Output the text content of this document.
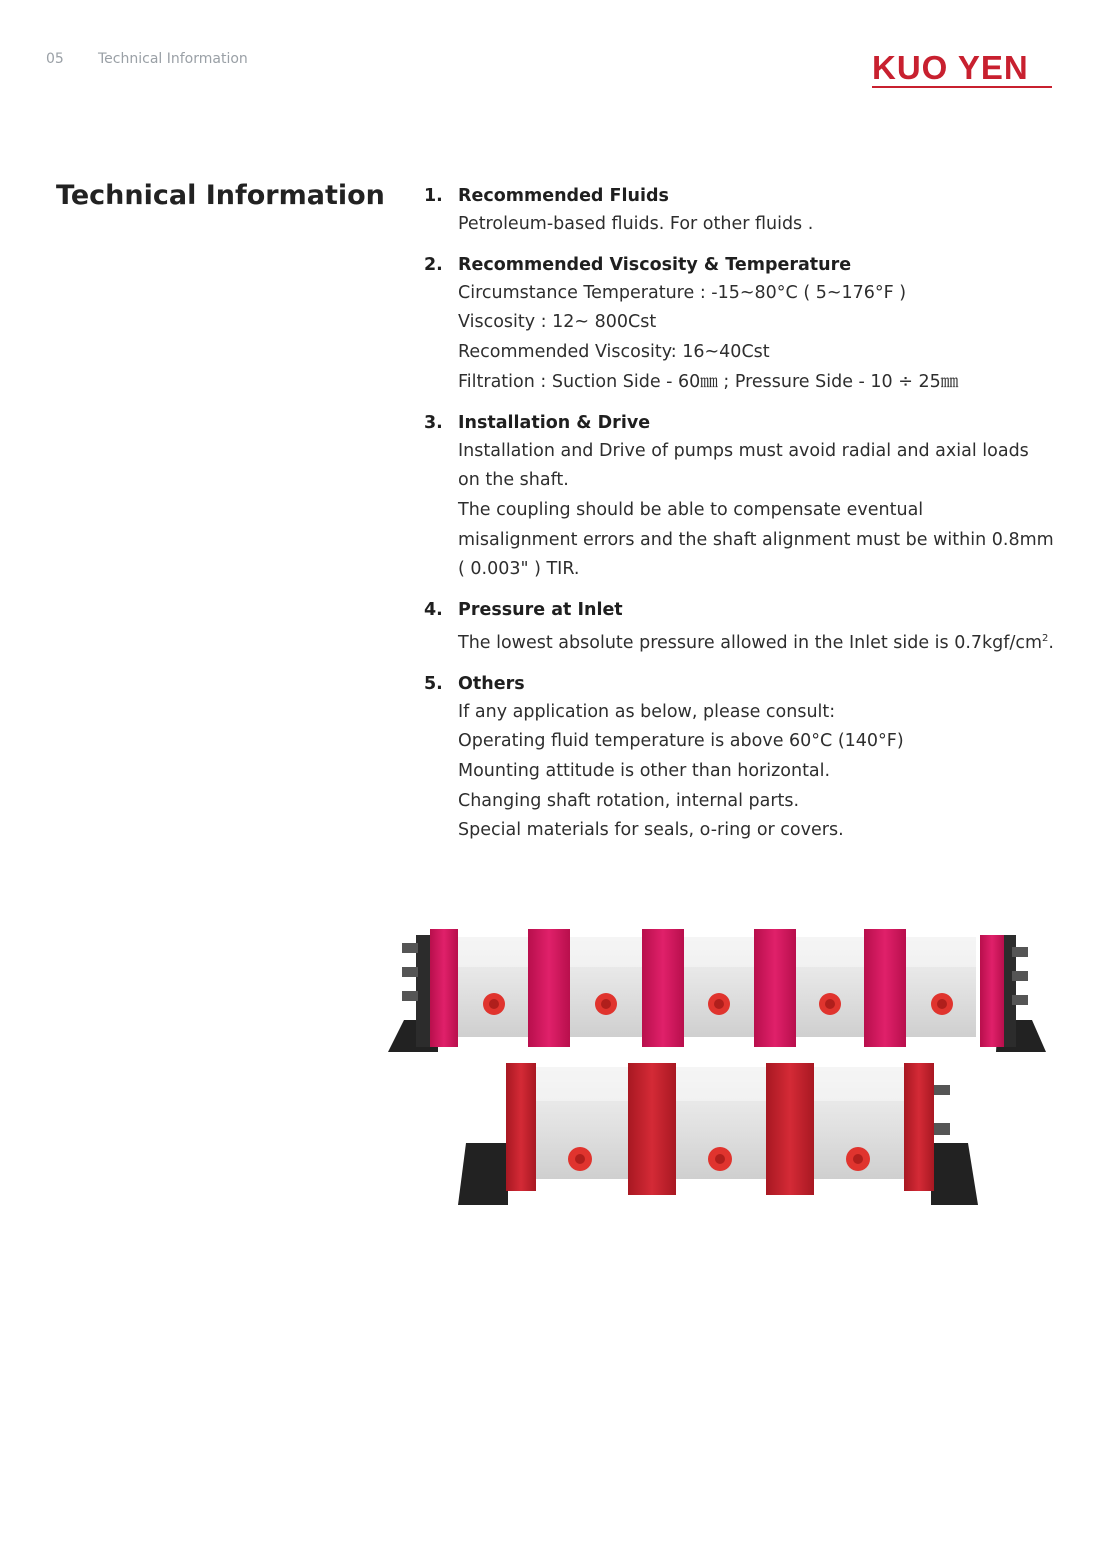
05 Technical Information	KUO YEN
Technical Information 1. Recommended Fluids
Petroleum-based fluids. For other fluids .
2. Recommended Viscosity & Temperature
Circumstance Temperature : -15~80°C ( 5~176°F )
Viscosity : 12~ 800Cst
Recommended Viscosity: 16~40Cst
Filtration : Suction Side - 60㎜ ; Pressure Side - 10 ÷ 25㎜
3. Installation & Drive
Installation and Drive of pumps must avoid radial and axial loads
on the shaft.
The coupling should be able to compensate eventual
misalignment errors and the shaft alignment must be within 0.8mm
( 0.003" ) TIR.
4. Pressure at Inlet
The lowest absolute pressure allowed in the Inlet side is $0.7kgf/cm^2$.
5. Others
If any application as below, please consult:
Operating fluid temperature is above 60°C (140°F)
Mounting attitude is other than horizontal.
Changing shaft rotation, internal parts.
Special materials for seals, o-ring or covers.
